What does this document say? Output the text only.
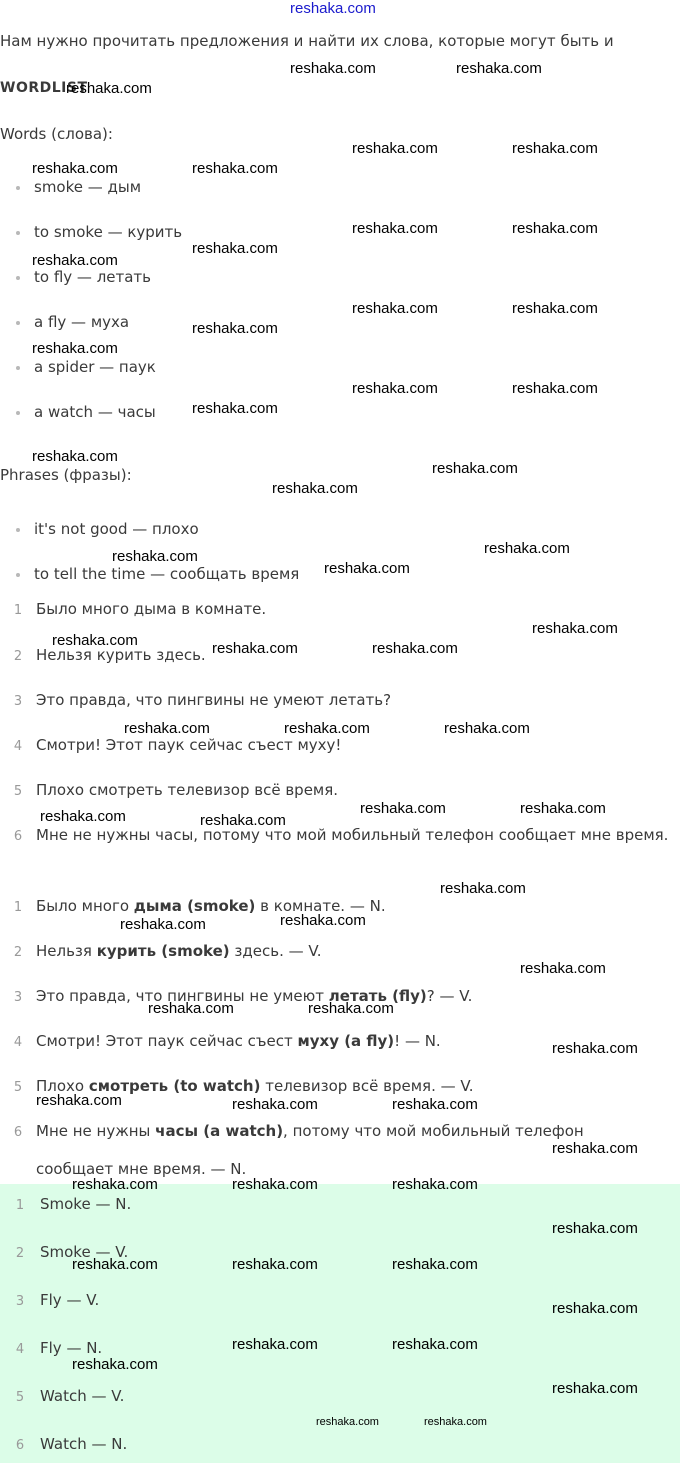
reshaka.com
Нам нужно прочитать предложения и найти их слова, которые могут быть и
WORDLIST
Words (слова):
smoke — дым
to smoke — курить
to fly — летать
a fly — муха
a spider — паук
a watch — часы
Phrases (фразы):
it's not good — плохо
to tell the time — сообщать время
1 Было много дыма в комнате.
2 Нельзя курить здесь.
3 Это правда, что пингвины не умеют летать?
4 Смотри! Этот паук сейчас съест муху!
5 Плохо смотреть телевизор всё время.
6 Мне не нужны часы, потому что мой мобильный телефон сообщает мне время.
1 Было много дыма (smoke) в комнате. — N.
2 Нельзя курить (smoke) здесь. — V.
3 Это правда, что пингвины не умеют летать (fly)? — V.
4 Смотри! Этот паук сейчас съест муху (a fly)! — N.
5 Плохо смотреть (to watch) телевизор всё время. — V.
6 Мне не нужны часы (a watch), потому что мой мобильный телефон сообщает мне время. — N.
1 Smoke — N.
2 Smoke — V.
3 Fly — V.
4 Fly — N.
5 Watch — V.
6 Watch — N.
reshaka.com	reshaka.com
reshaka.com
reshaka.com	reshaka.com
reshaka.com	reshaka.com
reshaka.com	reshaka.com
reshaka.com
reshaka.com
reshaka.com	reshaka.com
reshaka.com
reshaka.com
reshaka.com	reshaka.com
reshaka.com
reshaka.com
reshaka.com
reshaka.com
reshaka.com
reshaka.com
reshaka.com
reshaka.com
reshaka.com	reshaka.com	reshaka.com
reshaka.com	reshaka.com	reshaka.com
reshaka.com	reshaka.com
reshaka.com	reshaka.com
reshaka.com
reshaka.com
reshaka.com
reshaka.com
reshaka.com	reshaka.com
reshaka.com
reshaka.com	reshaka.com	reshaka.com
reshaka.com
reshaka.com	reshaka.com	reshaka.com
reshaka.com
reshaka.com	reshaka.com	reshaka.com
reshaka.com
reshaka.com	reshaka.com
reshaka.com
reshaka.com
reshaka.com	reshaka.com
